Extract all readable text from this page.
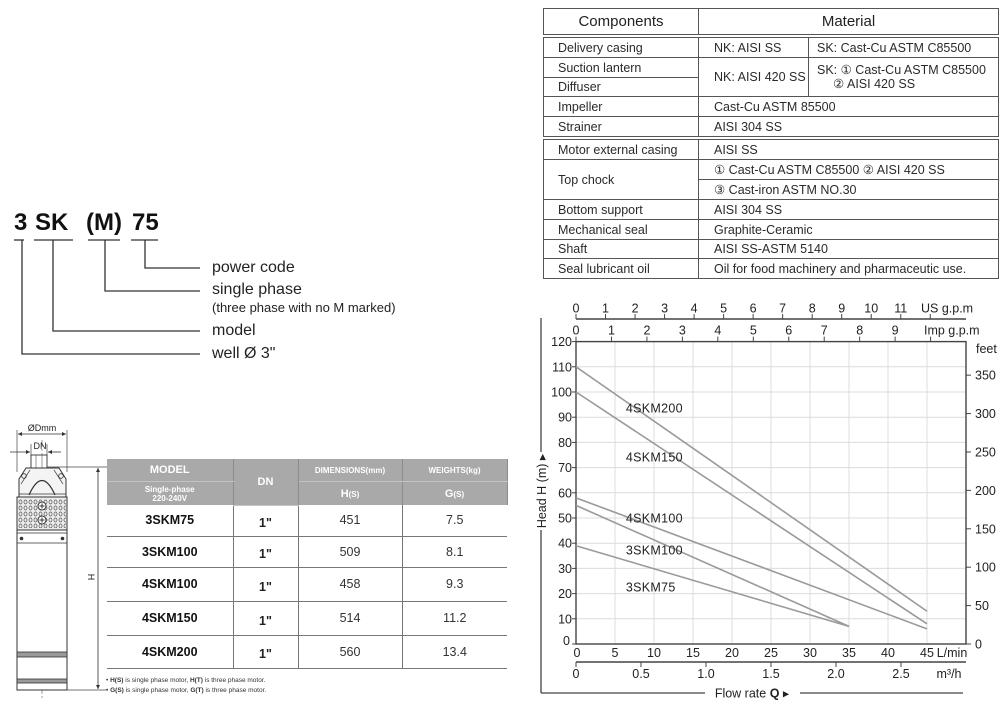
3 SK (M) 75
power code
single phase
(three phase with no M marked)
model
well Ø 3"
Components	Material	
Delivery casing	NK: AISI SS	SK: Cast-Cu ASTM C85500
Suction lantern	NK: AISI 420 SS	SK: ① Cast-Cu ASTM C85500
② AISI 420 SS

Diffuser		
Impeller	Cast-Cu ASTM 85500	
Strainer	AISI 304 SS	
Motor external casing	AISI SS	
Top chock	① Cast-Cu ASTM C85500 ② AISI 420 SS	
	③ Cast-iron ASTM NO.30	
Bottom support	AISI 304 SS	
Mechanical seal	Graphite-Ceramic	
Shaft	AISI SS-ASTM 5140	
Seal lubricant oil	Oil for food machinery and pharmaceutic use.	
ØDmm
DN
H
MODEL	DN	DIMENSIONS(mm)	WEIGHTS(kg)

Single-phase
220-240V		H(S)	G(S)
3SKM75	1"	451	7.5
3SKM100	1"	509	8.1
4SKM100	1"	458	9.3
4SKM150	1"	514	11.2
4SKM200	1"	560	13.4
• H(S) is single phase motor, H(T) is three phase motor.
• G(S) is single phase motor, G(T) is three phase motor.
0
10
20
30
40
50
60
70
80
90
100
110
120
0 5 10 15 20 25 30 35 40 45 L/min
0	0.5	1.0	1.5	2.0	2.5 m³/h
0 1 2 3 4 5 6 7 8 9 10 11 US g.p.m
0 1 2 3 4 5 6 7 8 9 Imp g.p.m
0
50
100
150
200
250
300
350
feet
4SKM200
4SKM150
4SKM100
3SKM100
3SKM75
Head H (m) ▸
Flow rate Q ▸
